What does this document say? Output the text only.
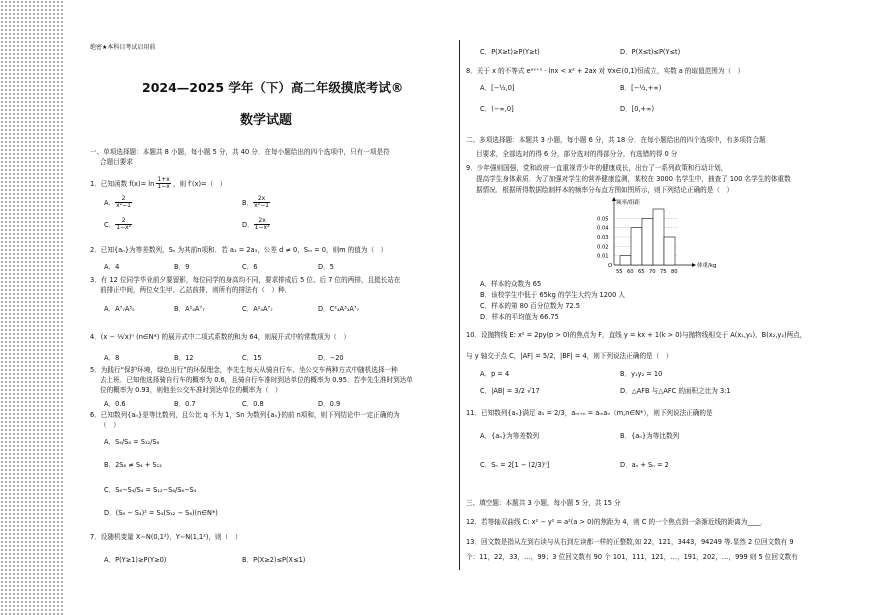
绝密★本科目考试启用前
2024—2025 学年（下）高二年级摸底考试®
数学试题
一、单项选择题：本题共 8 小题，每小题 5 分，共 40 分．在每小题给出的四个选项中，只有一项是符
合题目要求
1．已知函数 $f(x)= \ln \frac{1+x}{1-x}$ ，则 f′(x)=（　）
A． $\frac{2}{\text{x²−1}}$	B． $\frac{2x}{\text{x²−1}}$
C． $\frac{2}{\text{1−x²}}$	D． $\frac{2x}{\text{1−x²}}$
2．已知{aₙ}为等差数列，Sₙ 为其前n项和．若 a₁ = 2a₃，公差 d ≠ 0，Sₘ = 0，则m 的值为（　）
A．4	B．9	C．6	D．5
3．有 12 位同学毕业前夕要留影，每位同学的身高均不同，要求排成后 5 位、后 7 位的两排，且挺长站在
前排正中间，两位女生甲、乙站前排，则所有的排法有（　）种．
A．A⁷₇A⁵₅	B．A¹₄A⁷₇	C．A²₄A⁷₇	D．C²₄A³₃A⁷₇
4．(x − ¹⁄√x)ⁿ (n∈N*) 的展开式中二项式系数的和为 64，则展开式中的常数项为（　）
A．8	B．12	C．15	D．−20
5．为践行“保护环境，绿色出行”的环保理念，李先生每天从骑自行车、坐公交车两种方式中随机选择一种
去上班．已知他选择骑自行车的概率为 0.6，且骑自行车准时到达单位的概率为 0.95．若李先生准时到达单
位的概率为 0.93，则他坐公交车准时到达单位的概率为（　）
A．0.6	B．0.7	C．0.8	D．0.9
6．已知数列{aₙ}是等比数列，且公比 q 不为 1，Sn 为数列{aₙ}的前 n项和，则下列结论中一定正确的为
（　）
A．S₄/S₈ = S₁₂/S₈
B．2S₈ ≠ S₄ + S₁₂
C．S₈−S₄/S₄ = S₁₂−S₈/S₈−S₄
D．(S₈ − S₄)² = S₄(S₁₂ − S₈)(n∈N*)
7．设随机变量 X∼N(0,1²)，Y∼N(1,1²)，则（　）
A．P(Y≥1)≥P(Y≥0)	B．P(X≥2)≤P(X≤1)
C．P(X≥t)≥P(Y≥t)	D．P(X≤t)≤P(Y≤t)
8．关于 x 的不等式 eᵃˣ⁺¹ · lnx < x² + 2ax 对 ∀x∈(0,1)恒成立，实数 a 的取值范围为（　）
A．[−½,0]	B．[−½,+∞)
C．(−∞,0]	D．[0,+∞)
二、多项选择题：本题共 3 小题，每小题 6 分，共 18 分．在每小题给出的四个选项中，有多项符合题
目要求，全部选对的得 6 分，部分选对的得部分分，有选错的得 0 分
9．少年强则国强，党和政府一直重视青少年的健康成长，出台了一系列政策和行动计划，
提高学生身体素质．为了加强对学生的营养健康监测，某校在 3000 名学生中，抽查了 100 名学生的体重数
据情况．根据所得数据绘制样本的频率分布直方图如图所示，则下列结论正确的是（　）
频率/组距
体重/kg
O
0.01
0.02
0.03
0.04
0.05
55 60 65 70 75 80
A．样本的众数为 65
B．该校学生中低于 65kg 的学生大约为 1200 人
C．样本的第 80 百分位数为 72.5
D．样本的平均值为 66.75
10．设抛物线 E: x² = 2py(p > 0)的焦点为 F，直线 y = kx + 1(k > 0)与抛物线相交于 A(x₁,y₁)，B(x₂,y₂)两点，
与 y 轴交于点 C，|AF| = 5/2，|BF| = 4，则下列说法正确的是（　）
A．p = 4	B．y₁y₂ = 10
C．|AB| = 3/2 √17	D．△AFB 与△AFC 的面积之比为 3:1
11．已知数列{aₙ}满足 a₁ = 2/3，aₘ₊ₙ = aₘaₙ（m,n∈N*），则下列说法正确的是
A．{aₙ}为等差数列	B．{aₙ}为等比数列
C．Sₙ = 2[1 − (2/3)ⁿ]	D．aₙ + Sₙ = 2
三、填空题：本题共 3 小题，每小题 5 分，共 15 分
12．若等轴双曲线 C: x² − y² = a²(a > 0)的焦距为 4，则 C 的一个焦点到一条渐近线的距离为____．
13．回文数是指从左到右读与从右到左读都一样的正整数,如 22，121，3443，94249 等.显然 2 位回文数有 9
个：11，22，33，…，99；3 位回文数有 90 个 101，111，121，…，191，202，…，999 则 5 位回文数有
